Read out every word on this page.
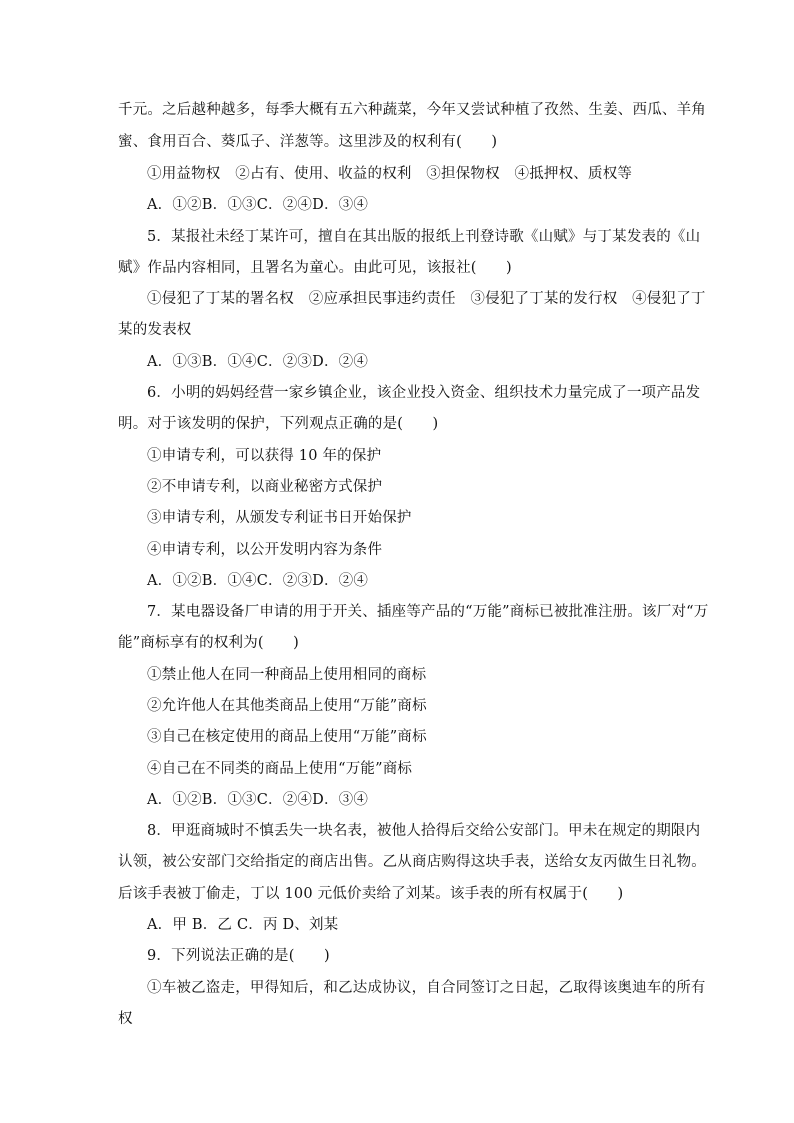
千元。之后越种越多，每季大概有五六种蔬菜，今年又尝试种植了孜然、生姜、西瓜、羊角
蜜、食用百合、葵瓜子、洋葱等。这里涉及的权利有(　　)
①用益物权　②占有、使用、收益的权利　③担保物权　④抵押权、质权等
A．①②B．①③C．②④D．③④
5．某报社未经丁某许可，擅自在其出版的报纸上刊登诗歌《山赋》与丁某发表的《山
赋》作品内容相同，且署名为童心。由此可见，该报社(　　)
①侵犯了丁某的署名权　②应承担民事违约责任　③侵犯了丁某的发行权　④侵犯了丁
某的发表权
A．①③B．①④C．②③D．②④
6．小明的妈妈经营一家乡镇企业，该企业投入资金、组织技术力量完成了一项产品发
明。对于该发明的保护，下列观点正确的是(　　)
①申请专利，可以获得 10 年的保护
②不申请专利，以商业秘密方式保护
③申请专利，从颁发专利证书日开始保护
④申请专利，以公开发明内容为条件
A．①②B．①④C．②③D．②④
7．某电器设备厂申请的用于开关、插座等产品的“万能”商标已被批准注册。该厂对“万
能”商标享有的权利为(　　)
①禁止他人在同一种商品上使用相同的商标
②允许他人在其他类商品上使用“万能”商标
③自己在核定使用的商品上使用“万能”商标
④自己在不同类的商品上使用“万能”商标
A．①②B．①③C．②④D．③④
8．甲逛商城时不慎丢失一块名表，被他人拾得后交给公安部门。甲未在规定的期限内
认领，被公安部门交给指定的商店出售。乙从商店购得这块手表，送给女友丙做生日礼物。
后该手表被丁偷走，丁以 100 元低价卖给了刘某。该手表的所有权属于(　　)
A．甲 B．乙 C．丙 D、刘某
9．下列说法正确的是(　　)
①车被乙盗走，甲得知后，和乙达成协议，自合同签订之日起，乙取得该奥迪车的所有
权
